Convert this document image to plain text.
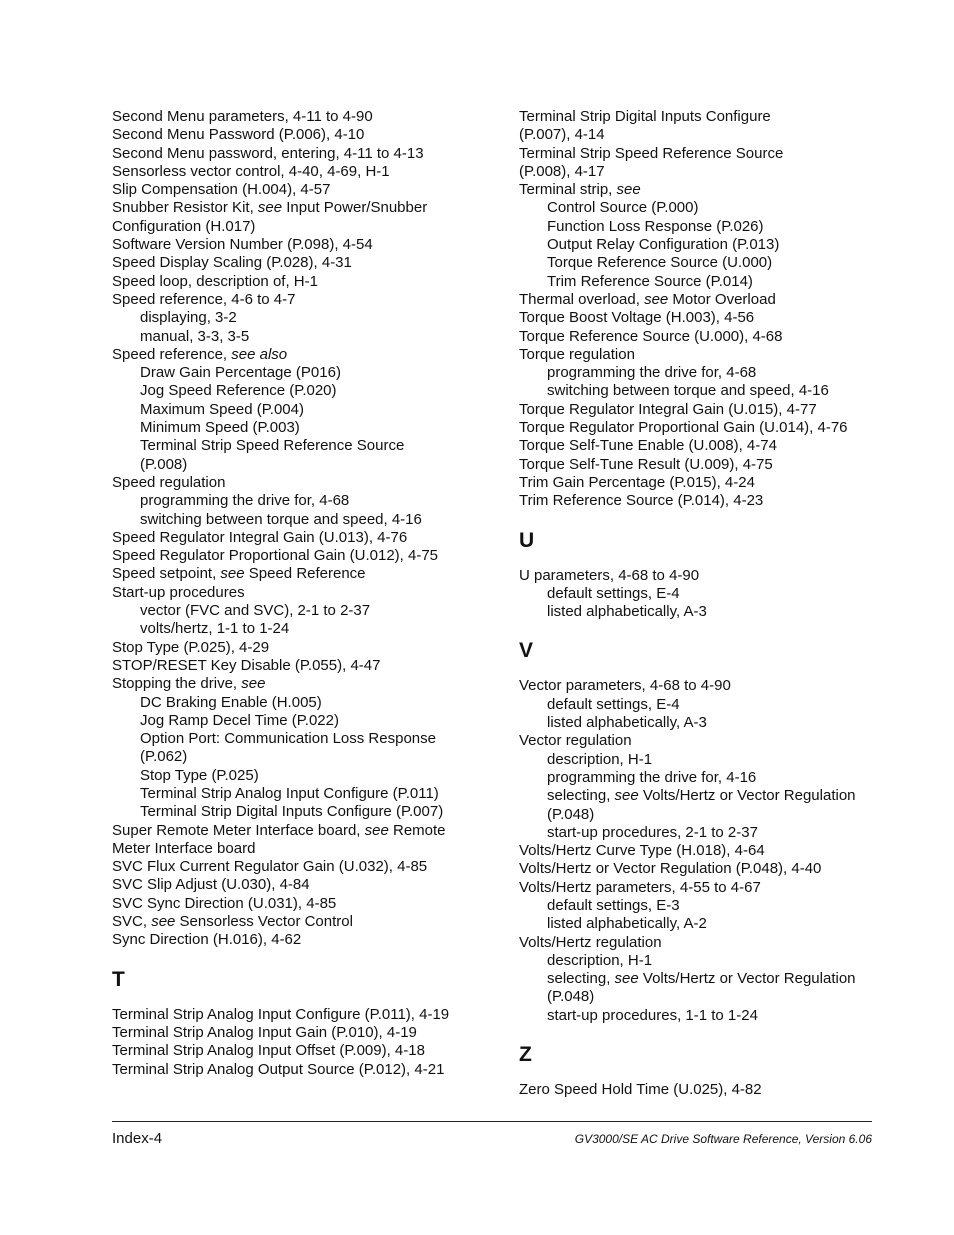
Second Menu parameters, 4-11 to 4-90
Second Menu Password (P.006), 4-10
Second Menu password, entering, 4-11 to 4-13
Sensorless vector control, 4-40, 4-69, H-1
Slip Compensation (H.004), 4-57
Snubber Resistor Kit, see Input Power/Snubber
Configuration (H.017)
Software Version Number (P.098), 4-54
Speed Display Scaling (P.028), 4-31
Speed loop, description of, H-1
Speed reference, 4-6 to 4-7
displaying, 3-2
manual, 3-3, 3-5
Speed reference, see also
Draw Gain Percentage (P016)
Jog Speed Reference (P.020)
Maximum Speed (P.004)
Minimum Speed (P.003)
Terminal Strip Speed Reference Source
(P.008)
Speed regulation
programming the drive for, 4-68
switching between torque and speed, 4-16
Speed Regulator Integral Gain (U.013), 4-76
Speed Regulator Proportional Gain (U.012), 4-75
Speed setpoint, see Speed Reference
Start-up procedures
vector (FVC and SVC), 2-1 to 2-37
volts/hertz, 1-1 to 1-24
Stop Type (P.025), 4-29
STOP/RESET Key Disable (P.055), 4-47
Stopping the drive, see
DC Braking Enable (H.005)
Jog Ramp Decel Time (P.022)
Option Port: Communication Loss Response
(P.062)
Stop Type (P.025)
Terminal Strip Analog Input Configure (P.011)
Terminal Strip Digital Inputs Configure (P.007)
Super Remote Meter Interface board, see Remote
Meter Interface board
SVC Flux Current Regulator Gain (U.032), 4-85
SVC Slip Adjust (U.030), 4-84
SVC Sync Direction (U.031), 4-85
SVC, see Sensorless Vector Control
Sync Direction (H.016), 4-62
T
Terminal Strip Analog Input Configure (P.011), 4-19
Terminal Strip Analog Input Gain (P.010), 4-19
Terminal Strip Analog Input Offset (P.009), 4-18
Terminal Strip Analog Output Source (P.012), 4-21
Terminal Strip Digital Inputs Configure
(P.007), 4-14
Terminal Strip Speed Reference Source
(P.008), 4-17
Terminal strip, see
Control Source (P.000)
Function Loss Response (P.026)
Output Relay Configuration (P.013)
Torque Reference Source (U.000)
Trim Reference Source (P.014)
Thermal overload, see Motor Overload
Torque Boost Voltage (H.003), 4-56
Torque Reference Source (U.000), 4-68
Torque regulation
programming the drive for, 4-68
switching between torque and speed, 4-16
Torque Regulator Integral Gain (U.015), 4-77
Torque Regulator Proportional Gain (U.014), 4-76
Torque Self-Tune Enable (U.008), 4-74
Torque Self-Tune Result (U.009), 4-75
Trim Gain Percentage (P.015), 4-24
Trim Reference Source (P.014), 4-23
U
U parameters, 4-68 to 4-90
default settings, E-4
listed alphabetically, A-3
V
Vector parameters, 4-68 to 4-90
default settings, E-4
listed alphabetically, A-3
Vector regulation
description, H-1
programming the drive for, 4-16
selecting, see Volts/Hertz or Vector Regulation
(P.048)
start-up procedures, 2-1 to 2-37
Volts/Hertz Curve Type (H.018), 4-64
Volts/Hertz or Vector Regulation (P.048), 4-40
Volts/Hertz parameters, 4-55 to 4-67
default settings, E-3
listed alphabetically, A-2
Volts/Hertz regulation
description, H-1
selecting, see Volts/Hertz or Vector Regulation
(P.048)
start-up procedures, 1-1 to 1-24
Z
Zero Speed Hold Time (U.025), 4-82
Index-4	GV3000/SE AC Drive Software Reference, Version 6.06
